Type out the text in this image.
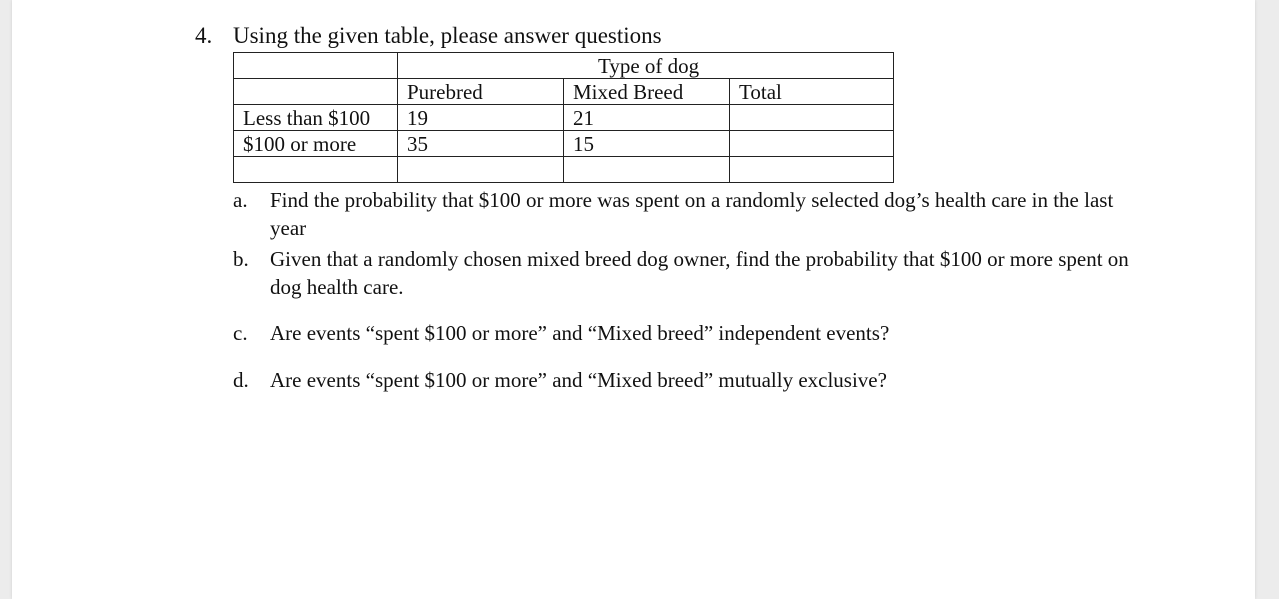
4. Using the given table, please answer questions
	Type of dog		
	Purebred	Mixed Breed	Total
Less than $100	19	21	
$100 or more	35	15	

a. Find the probability that $100 or more was spent on a randomly selected dog’s health care in the last year
b. Given that a randomly chosen mixed breed dog owner, find the probability that $100 or more spent on dog health care.
c. Are events “spent $100 or more” and “Mixed breed” independent events?
d. Are events “spent $100 or more” and “Mixed breed” mutually exclusive?
